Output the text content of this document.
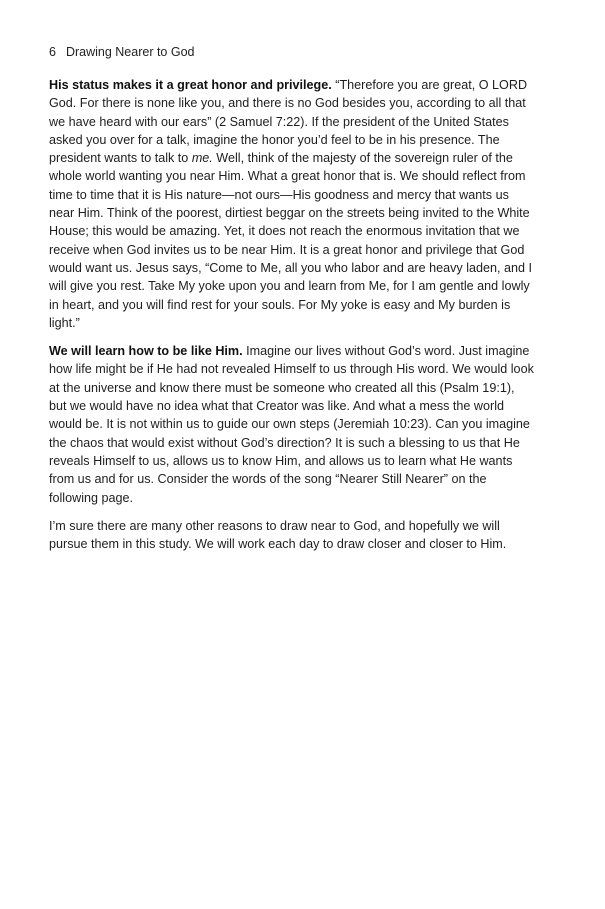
6 Drawing Nearer to God

His status makes it a great honor and privilege. “Therefore you are great, O LORD God. For there is none like you, and there is no God besides you, according to all that we have heard with our ears” (2 Samuel 7:22). If the president of the United States asked you over for a talk, imagine the honor you’d feel to be in his presence. The president wants to talk to me. Well, think of the majesty of the sovereign ruler of the whole world wanting you near Him. What a great honor that is. We should reflect from time to time that it is His nature—not ours—His goodness and mercy that wants us near Him. Think of the poorest, dirtiest beggar on the streets being invited to the White House; this would be amazing. Yet, it does not reach the enormous invitation that we receive when God invites us to be near Him. It is a great honor and privilege that God would want us. Jesus says, “Come to Me, all you who labor and are heavy laden, and I will give you rest. Take My yoke upon you and learn from Me, for I am gentle and lowly in heart, and you will find rest for your souls. For My yoke is easy and My burden is light.”

We will learn how to be like Him. Imagine our lives without God’s word. Just imagine how life might be if He had not revealed Himself to us through His word. We would look at the universe and know there must be someone who created all this (Psalm 19:1), but we would have no idea what that Creator was like. And what a mess the world would be. It is not within us to guide our own steps (Jeremiah 10:23). Can you imagine the chaos that would exist without God’s direction? It is such a blessing to us that He reveals Himself to us, allows us to know Him, and allows us to learn what He wants from us and for us. Consider the words of the song “Nearer Still Nearer” on the following page.

I’m sure there are many other reasons to draw near to God, and hopefully we will pursue them in this study. We will work each day to draw closer and closer to Him.
